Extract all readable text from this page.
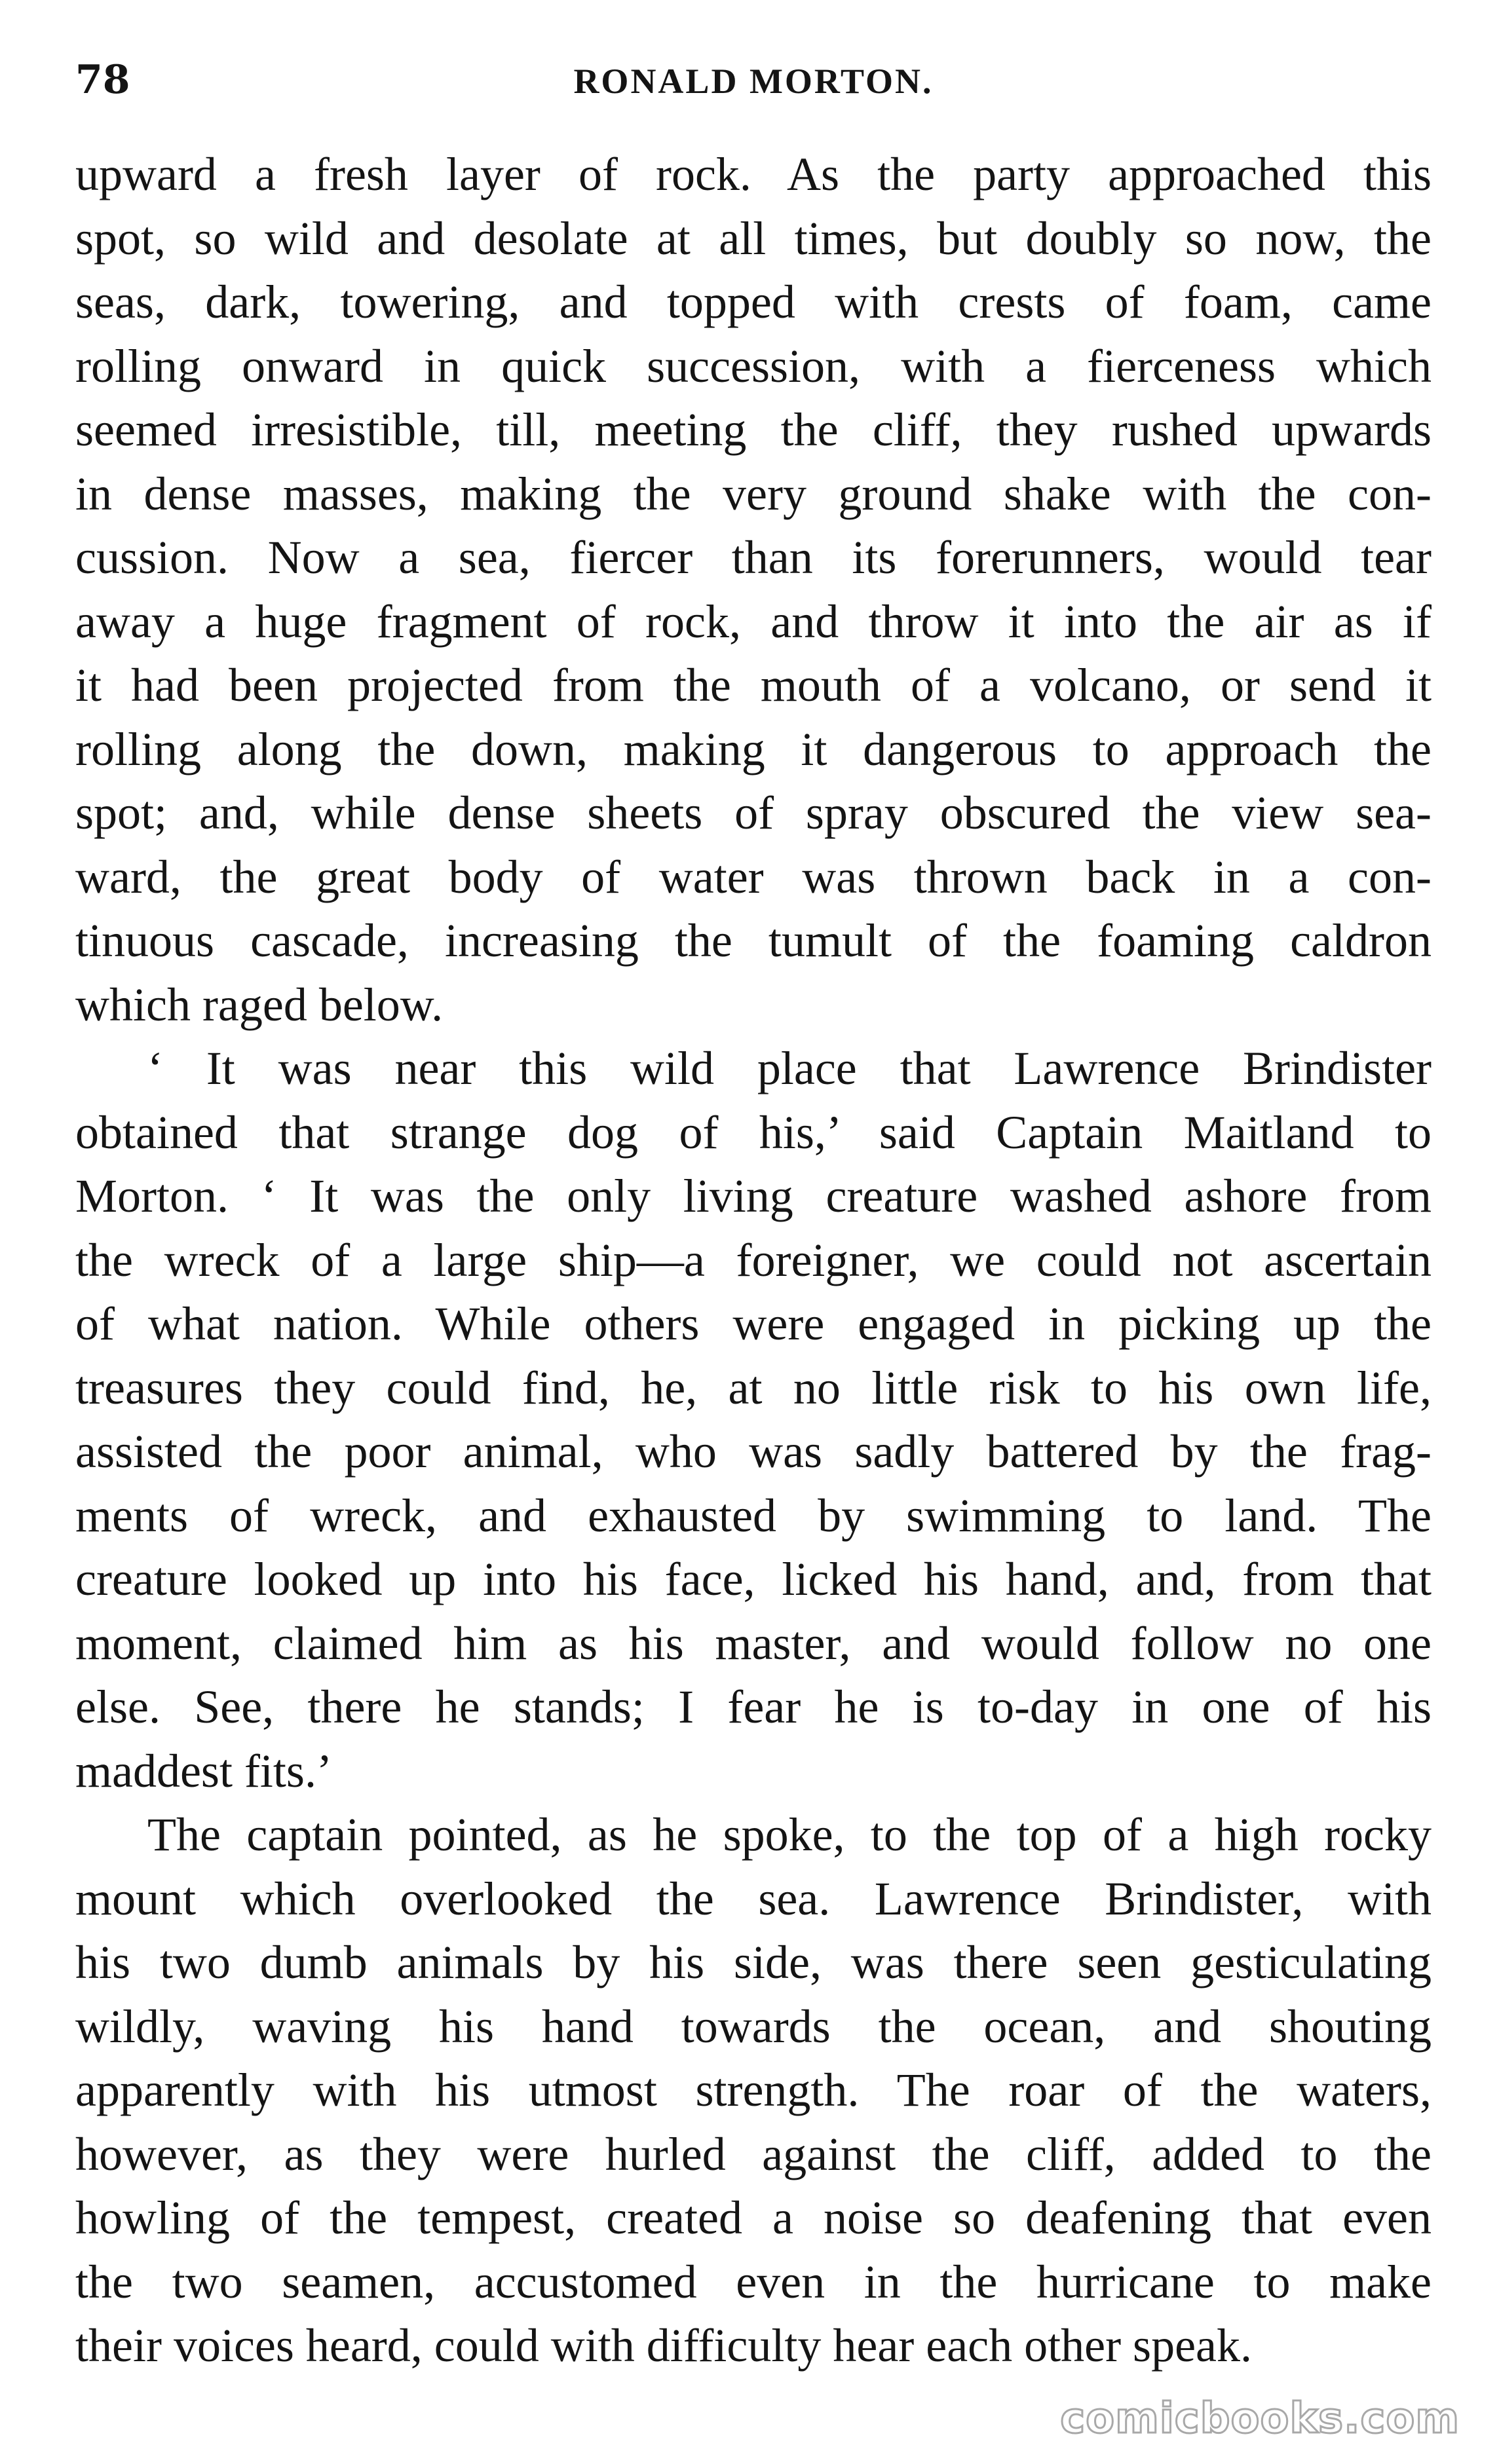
78	RONALD MORTON.
upward a fresh layer of rock. As the party approached this
spot, so wild and desolate at all times, but doubly so now, the
seas, dark, towering, and topped with crests of foam, came
rolling onward in quick succession, with a fierceness which
seemed irresistible, till, meeting the cliff, they rushed upwards
in dense masses, making the very ground shake with the con-
cussion. Now a sea, fiercer than its forerunners, would tear
away a huge fragment of rock, and throw it into the air as if
it had been projected from the mouth of a volcano, or send it
rolling along the down, making it dangerous to approach the
spot; and, while dense sheets of spray obscured the view sea-
ward, the great body of water was thrown back in a con-
tinuous cascade, increasing the tumult of the foaming caldron
which raged below.
‘ It was near this wild place that Lawrence Brindister
obtained that strange dog of his,’ said Captain Maitland to
Morton. ‘ It was the only living creature washed ashore from
the wreck of a large ship—a foreigner, we could not ascertain
of what nation. While others were engaged in picking up the
treasures they could find, he, at no little risk to his own life,
assisted the poor animal, who was sadly battered by the frag-
ments of wreck, and exhausted by swimming to land. The
creature looked up into his face, licked his hand, and, from that
moment, claimed him as his master, and would follow no one
else. See, there he stands; I fear he is to-day in one of his
maddest fits.’
The captain pointed, as he spoke, to the top of a high rocky
mount which overlooked the sea. Lawrence Brindister, with
his two dumb animals by his side, was there seen gesticulating
wildly, waving his hand towards the ocean, and shouting
apparently with his utmost strength. The roar of the waters,
however, as they were hurled against the cliff, added to the
howling of the tempest, created a noise so deafening that even
the two seamen, accustomed even in the hurricane to make
their voices heard, could with difficulty hear each other speak.
comicbooks.com
